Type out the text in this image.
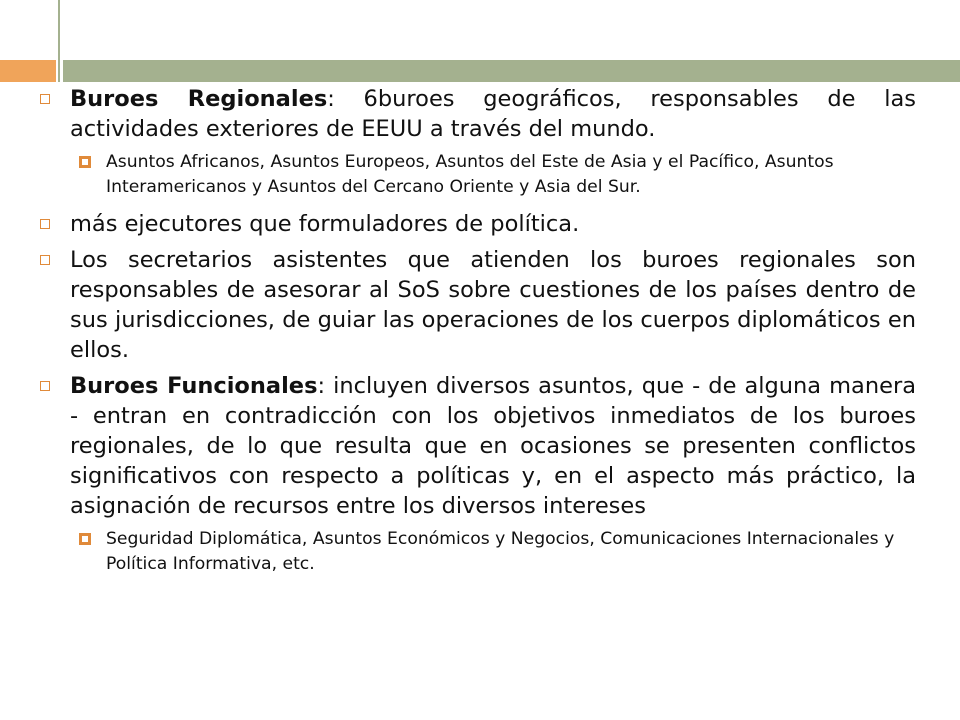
Buroes Regionales: 6buroes geográficos, responsables de las actividades exteriores de EEUU a través del mundo.
Asuntos Africanos, Asuntos Europeos, Asuntos del Este de Asia y el Pacífico, Asuntos Interamericanos y Asuntos del Cercano Oriente y Asia del Sur.
más ejecutores que formuladores de política.
Los secretarios asistentes que atienden los buroes regionales son responsables de asesorar al SoS sobre cuestiones de los países dentro de sus jurisdicciones, de guiar las operaciones de los cuerpos diplomáticos en ellos.
Buroes Funcionales: incluyen diversos asuntos, que - de alguna manera - entran en contradicción con los objetivos inmediatos de los buroes regionales, de lo que resulta que en ocasiones se presenten conflictos significativos con respecto a políticas y, en el aspecto más práctico, la asignación de recursos entre los diversos intereses
Seguridad Diplomática, Asuntos Económicos y Negocios, Comunicaciones Internacionales y Política Informativa, etc.
